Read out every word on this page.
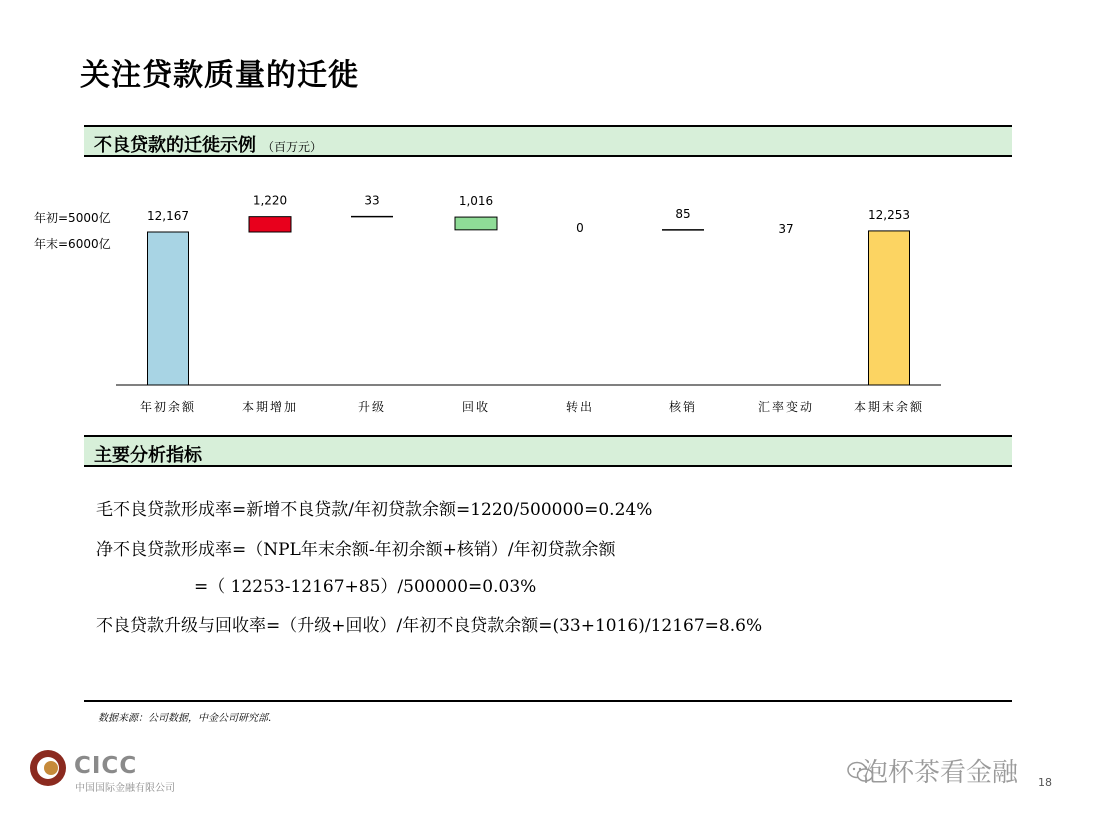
关注贷款质量的迁徙
不良贷款的迁徙示例 （百万元）
年初=5000亿
年末=6000亿
12,167
年初余额
1,220
本期增加
33
升级
1,016
回收
0
转出
85
核销
37
汇率变动
12,253
本期末余额
主要分析指标
毛不良贷款形成率=新增不良贷款/年初贷款余额=1220/500000=0.24%
净不良贷款形成率=（NPL年末余额-年初余额+核销）/年初贷款余额
=（ 12253-12167+85）/500000=0.03%
不良贷款升级与回收率=（升级+回收）/年初不良贷款余额=(33+1016)/12167=8.6%
数据来源：公司数据，中金公司研究部.
CICC
中国国际金融有限公司
泡杯茶看金融 18
